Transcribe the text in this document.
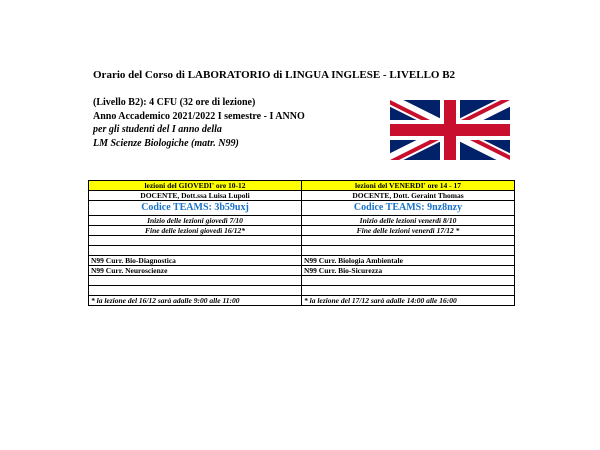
Orario del Corso di LABORATORIO di LINGUA INGLESE - LIVELLO B2
(Livello B2): 4 CFU (32 ore di lezione)
Anno Accademico 2021/2022 I semestre - I ANNO
per gli studenti del I anno della
LM Scienze Biologiche (matr. N99)
lezioni del GIOVEDI' ore 10-12	lezioni del VENERDI' ore 14 - 17
DOCENTE, Dott.ssa Luisa Lupoli	DOCENTE, Dott. Geraint Thomas
Codice TEAMS: 3b59uxj	Codice TEAMS: 9nz8nzy
Inizio delle lezioni giovedì 7/10	Inizio delle lezioni venerdì 8/10
Fine delle lezioni giovedì 16/12*	Fine delle lezioni venerdì 17/12 *

N99 Curr. Bio-Diagnostica	N99 Curr. Biologia Ambientale
N99 Curr. Neuroscienze	N99 Curr. Bio-Sicurezza

* la lezione del 16/12 sarà adalle 9:00 alle 11:00	* la lezione del 17/12 sarà adalle 14:00 alle 16:00
